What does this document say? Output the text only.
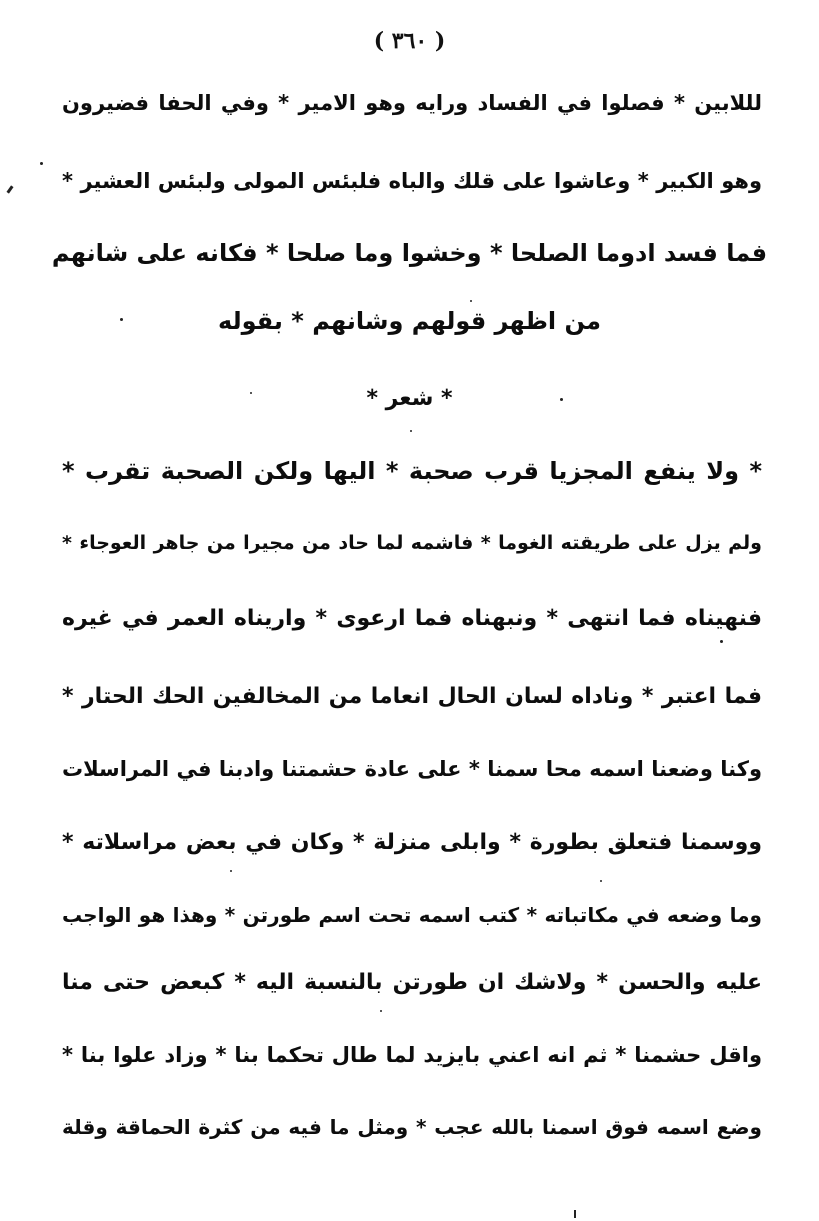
( ٣٦٠ )
لللابين * فصلوا في الفساد ورايه وهو الامير * وفي الحفا فضيرون
وهو الكبير * وعاشوا على قلك والباه فلبئس المولى ولبئس العشير *
فما فسد ادوما الصلحا * وخشوا وما صلحا * فكانه على شانهم
من اظهر قولهم وشانهم * بقوله
* شعر *
* ولا ينفع المجزيا قرب صحبة * اليها ولكن الصحبة تقرب *
ولم يزل على طريقته الغوما * فاشمه لما حاد من مجيرا من جاهر العوجاء *
فنهيناه فما انتهى * ونبهناه فما ارعوى * واريناه العمر في غيره
فما اعتبر * وناداه لسان الحال انعاما من المخالفين الحك الحتار *
وكنا وضعنا اسمه محا سمنا * على عادة حشمتنا وادبنا في المراسلات
ووسمنا فتعلق بطورة * وابلى منزلة * وكان في بعض مراسلاته *
وما وضعه في مكاتباته * كتب اسمه تحت اسم طورتن * وهذا هو الواجب
عليه والحسن * ولاشك ان طورتن بالنسبة اليه * كبعض حتى منا
واقل حشمنا * ثم انه اعني بايزيد لما طال تحكما بنا * وزاد علوا بنا *
وضع اسمه فوق اسمنا بالله عجب * ومثل ما فيه من كثرة الحماقة وقلة
